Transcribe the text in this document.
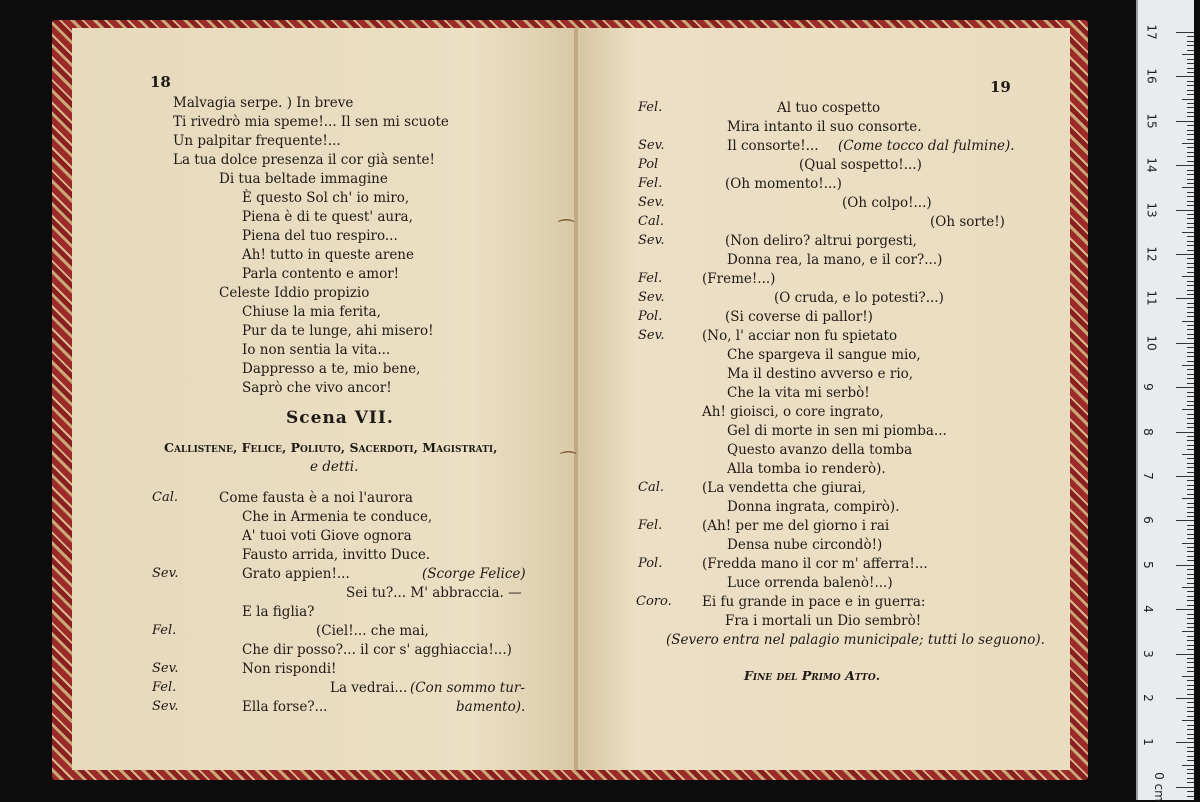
18
Malvagia serpe. ) In breve
Ti rivedrò mia speme!... Il sen mi scuote
Un palpitar frequente!...
La tua dolce presenza il cor già sente!
Di tua beltade immagine
È questo Sol ch' io miro,
Piena è di te quest' aura,
Piena del tuo respiro...
Ah! tutto in queste arene
Parla contento e amor!
Celeste Iddio propizio
Chiuse la mia ferita,
Pur da te lunge, ahi misero!
Io non sentia la vita...
Dappresso a te, mio bene,
Saprò che vivo ancor!
Scena VII.
Callistene, Felice, Poliuto, Sacerdoti, Magistrati,
e detti.
Cal.	Come fausta è a noi l'aurora
Che in Armenia te conduce,
A' tuoi voti Giove ognora
Fausto arrida, invitto Duce.
Sev.	Grato appien!...	(Scorge Felice)
Sei tu?... M' abbraccia. —
E la figlia?
Fel.	(Ciel!... che mai,
Che dir posso?... il cor s' agghiaccia!...)
Sev.	Non rispondi!
Fel.	La vedrai... (Con sommo tur-
Sev.	Ella forse?...	bamento).
⁀
⁀
19
Fel.	Al tuo cospetto
Mira intanto il suo consorte.
Sev.	Il consorte!... (Come tocco dal fulmine).
Pol	(Qual sospetto!...)
Fel.	(Oh momento!...)
Sev.	(Oh colpo!...)
Cal.	(Oh sorte!)
Sev.	(Non deliro? altrui porgesti,
Donna rea, la mano, e il cor?...)
Fel.	(Freme!...)
Sev.	(O cruda, e lo potesti?...)
Pol.	(Si coverse di pallor!)
Sev.	(No, l' acciar non fu spietato
Che spargeva il sangue mio,
Ma il destino avverso e rio,
Che la vita mi serbò!
Ah! gioisci, o core ingrato,
Gel di morte in sen mi piomba...
Questo avanzo della tomba
Alla tomba io renderò).
Cal.	(La vendetta che giurai,
Donna ingrata, compirò).
Fel.	(Ah! per me del giorno i rai
Densa nube circondò!)
Pol.	(Fredda mano il cor m' afferra!...
Luce orrenda balenò!...)
Coro. Ei fu grande in pace e in guerra:
Fra i mortali un Dio sembrò!
(Severo entra nel palagio municipale; tutti lo seguono).
Fine del Primo Atto.
17
16
15
14
13
12
11
10
9
8
7
6
5
4
3
2
1
0 cm
